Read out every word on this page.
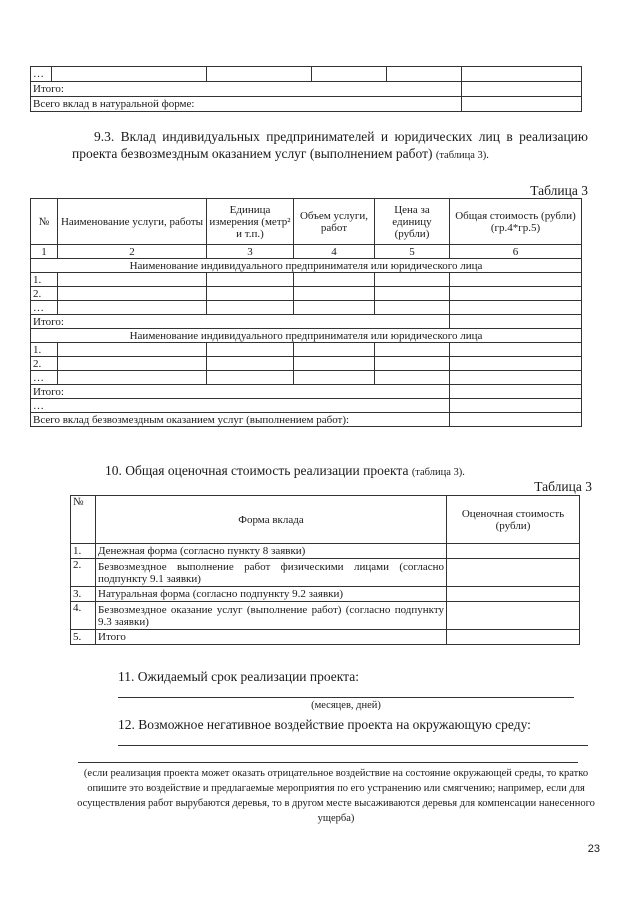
…					
Итого:					
Всего вклад в натуральной форме:					
9.3. Вклад индивидуальных предпринимателей и юридических лиц в реализацию проекта безвозмездным оказанием услуг (выполнением работ) (таблица 3).
Таблица 3
№	Наименование услуги, работы	Единица измерения (метр² и т.п.)	Объем услуги, работ	Цена за единицу (рубли)	Общая стоимость (рубли) (гр.4*гр.5)
1	2	3	4	5	6
Наименование индивидуального предпринимателя или юридического лица					
1.					
2.					
…					
Итого:					
Наименование индивидуального предпринимателя или юридического лица					
1.					
2.					
…					
Итого:					
…					
Всего вклад безвозмездным оказанием услуг (выполнением работ):					
10. Общая оценочная стоимость реализации проекта (таблица 3).
Таблица 3
№	Форма вклада	Оценочная стоимость (рубли)
1.	Денежная форма (согласно пункту 8 заявки)	
2.	Безвозмездное выполнение работ физическими лицами (согласно подпункту 9.1 заявки)	
3.	Натуральная форма (согласно подпункту 9.2 заявки)	
4.	Безвозмездное оказание услуг (выполнение работ) (согласно подпункту 9.3 заявки)	
5.	Итого	
11. Ожидаемый срок реализации проекта:
(месяцев, дней)
12. Возможное негативное воздействие проекта на окружающую среду:
(если реализация проекта может оказать отрицательное воздействие на состояние окружающей среды, то кратко опишите это воздействие и предлагаемые мероприятия по его устранению или смягчению; например, если для осуществления работ вырубаются деревья, то в другом месте высаживаются деревья для компенсации нанесенного ущерба)
23
